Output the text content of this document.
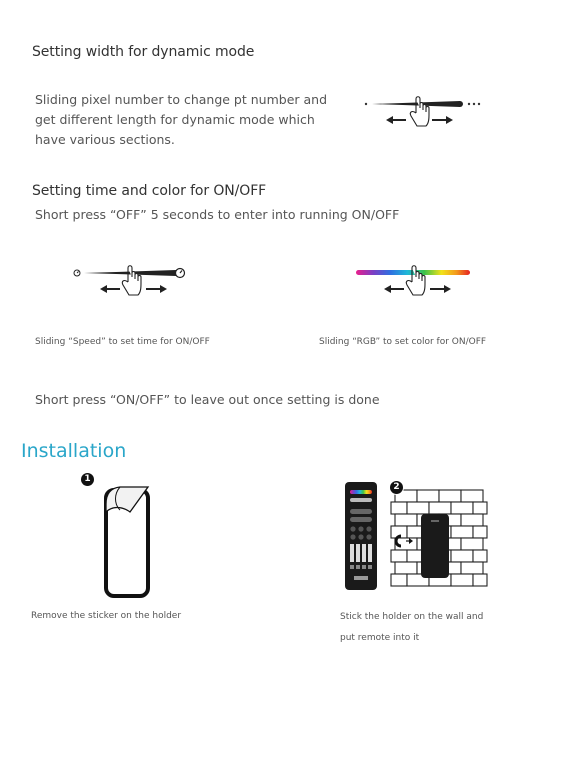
Setting width for dynamic mode
Sliding pixel number to change pt number and get different length for dynamic mode which have various sections.
Setting time and color for ON/OFF
Short press “OFF” 5 seconds to enter into running ON/OFF
Sliding “Speed” to set time for ON/OFF	Sliding “RGB” to set color for ON/OFF
Short press “ON/OFF” to leave out once setting is done
Installation
1
Remove the sticker on the holder
2
Stick the holder on the wall and
put remote into it
